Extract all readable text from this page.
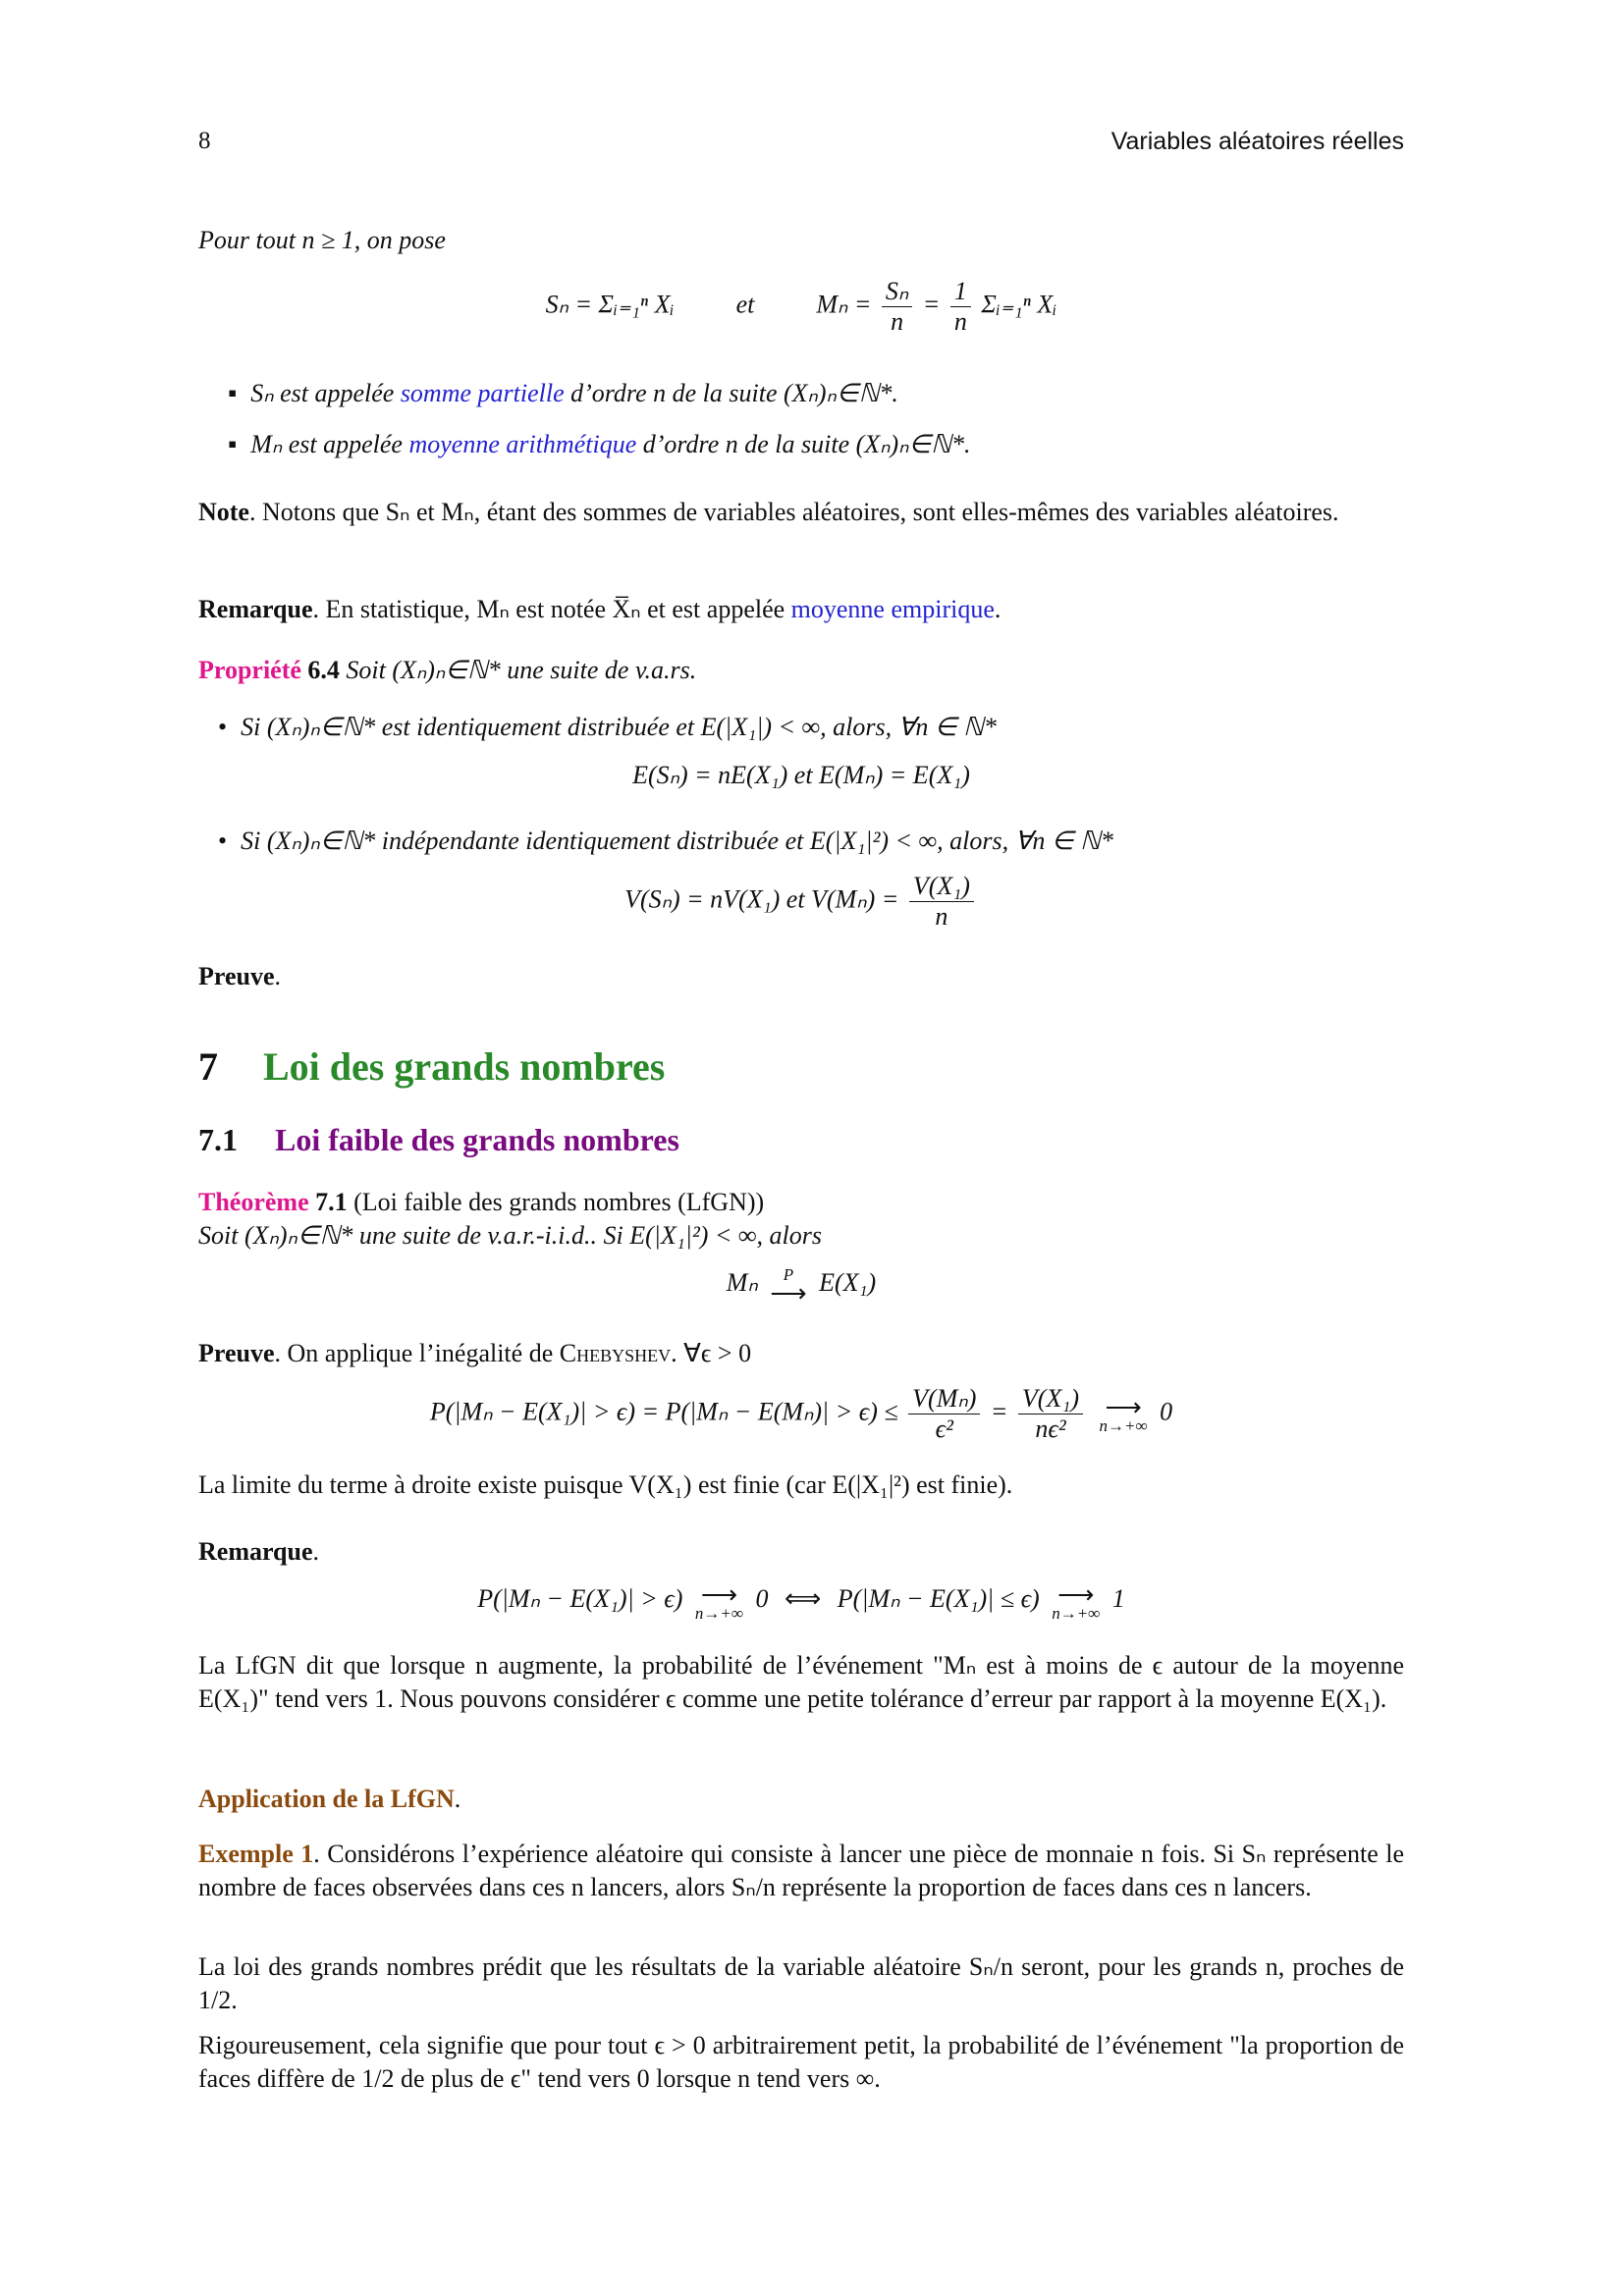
8	Variables aléatoires réelles
Pour tout n ≥ 1, on pose
Sₙ = Σᵢ₌₁ⁿ Xᵢ et $M_n = \frac{\text{Sₙ}}{n} = \frac{1}{n}$ Σᵢ₌₁ⁿ Xᵢ
▪ Sₙ est appelée somme partielle d’ordre n de la suite (Xₙ)ₙ∈ℕ*.
▪ Mₙ est appelée moyenne arithmétique d’ordre n de la suite (Xₙ)ₙ∈ℕ*.
Note. Notons que Sₙ et Mₙ, étant des sommes de variables aléatoires, sont elles-mêmes des variables aléatoires.
Remarque. En statistique, Mₙ est notée X̅ₙ et est appelée moyenne empirique.
Propriété 6.4 Soit (Xₙ)ₙ∈ℕ* une suite de v.a.rs.
• Si (Xₙ)ₙ∈ℕ* est identiquement distribuée et E(|X₁|) < ∞, alors, ∀n ∈ ℕ*
E(Sₙ) = nE(X₁) et E(Mₙ) = E(X₁)
• Si (Xₙ)ₙ∈ℕ* indépendante identiquement distribuée et E(|X₁|²) < ∞, alors, ∀n ∈ ℕ*
V(Sₙ) = nV(X₁) et $V(M_n) = \frac{\text{V(X₁)}}{n}$
Preuve.
7 Loi des grands nombres
7.1 Loi faible des grands nombres
Théorème 7.1 (Loi faible des grands nombres (LfGN))
Soit (Xₙ)ₙ∈ℕ* une suite de v.a.r.-i.i.d.. Si E(|X₁|²) < ∞, alors
Mₙ	P
⟶ E(X₁)
Preuve. On applique l’inégalité de Chebyshev. ∀ϵ > 0
$P(|M_n - E(X_1)| > \epsilon) = P(|M_n - E(M_n)| > \epsilon) \le \frac{\text{V(Mₙ)}}{\text{ϵ²}} = \frac{\text{V(X₁)}}{\text{nϵ²}}$
⟶
n→+∞
0
La limite du terme à droite existe puisque V(X₁) est finie (car E(|X₁|²) est finie).
Remarque.
P(|Mₙ − E(X₁)| > ϵ) ⟶
n→+∞
0 ⟺ P(|Mₙ − E(X₁)| ≤ ϵ) ⟶
n→+∞
1
La LfGN dit que lorsque n augmente, la probabilité de l’événement "Mₙ est à moins de ϵ autour de la moyenne E(X₁)" tend vers 1. Nous pouvons considérer ϵ comme une petite tolérance d’erreur par rapport à la moyenne E(X₁).
Application de la LfGN.
Exemple 1. Considérons l’expérience aléatoire qui consiste à lancer une pièce de monnaie n fois. Si Sₙ représente le nombre de faces observées dans ces n lancers, alors Sₙ/n représente la proportion de faces dans ces n lancers.
La loi des grands nombres prédit que les résultats de la variable aléatoire Sₙ/n seront, pour les grands n, proches de 1/2.
Rigoureusement, cela signifie que pour tout ϵ > 0 arbitrairement petit, la probabilité de l’événement "la proportion de faces diffère de 1/2 de plus de ϵ" tend vers 0 lorsque n tend vers ∞.
